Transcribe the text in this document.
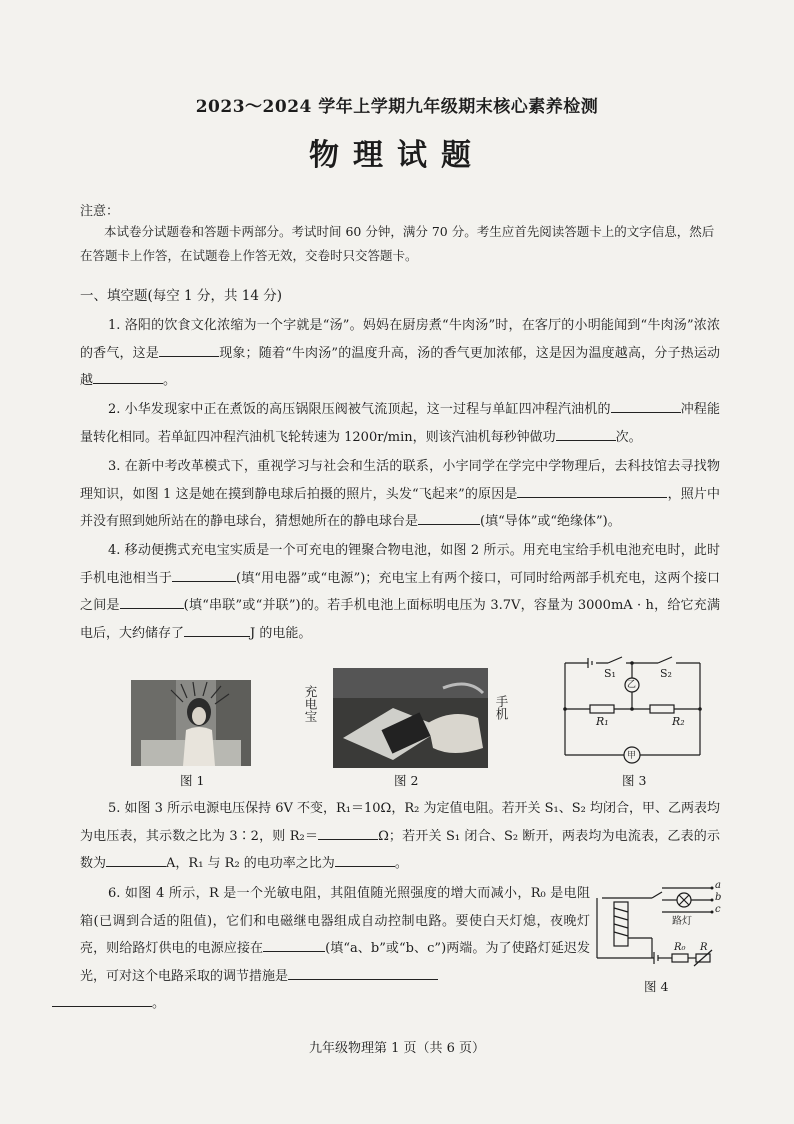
2023～2024 学年上学期九年级期末核心素养检测
物理试题
注意：
本试卷分试题卷和答题卡两部分。考试时间 60 分钟，满分 70 分。考生应首先阅读答题卡上的文字信息，然后在答题卡上作答，在试题卷上作答无效，交卷时只交答题卡。
一、填空题(每空 1 分，共 14 分)
1. 洛阳的饮食文化浓缩为一个字就是“汤”。妈妈在厨房煮“牛肉汤”时，在客厅的小明能闻到“牛肉汤”浓浓的香气，这是	现象；随着“牛肉汤”的温度升高，汤的香气更加浓郁，这是因为温度越高，分子热运动越	。
2. 小华发现家中正在煮饭的高压锅限压阀被气流顶起，这一过程与单缸四冲程汽油机的	冲程能量转化相同。若单缸四冲程汽油机飞轮转速为 1200r/min，则该汽油机每秒钟做功	次。
3. 在新中考改革模式下，重视学习与社会和生活的联系，小宇同学在学完中学物理后，去科技馆去寻找物理知识，如图 1 这是她在摸到静电球后拍摄的照片，头发“飞起来”的原因是	，照片中并没有照到她所站在的静电球台，猜想她所在的静电球台是	(填“导体”或“绝缘体”)。
4. 移动便携式充电宝实质是一个可充电的锂聚合物电池，如图 2 所示。用充电宝给手机电池充电时，此时手机电池相当于	(填“用电器”或“电源”)；充电宝上有两个接口，可同时给两部手机充电，这两个接口之间是	(填“串联”或“并联”)的。若手机电池上面标明电压为 3.7V，容量为 3000mA · h，给它充满电后，大约储存了	J 的电能。
图 1
充电宝	手机
图 2
S₁	S₂
乙
R₁	R₂
甲
图 3
5. 如图 3 所示电源电压保持 6V 不变，R₁＝10Ω，R₂ 为定值电阻。若开关 S₁、S₂ 均闭合，甲、乙两表均为电压表，其示数之比为 3∶2，则 R₂＝	Ω；若开关 S₁ 闭合、S₂ 断开，两表均为电流表，乙表的示数为	A，R₁ 与 R₂ 的电功率之比为	。
6. 如图 4 所示，R 是一个光敏电阻，其阻值随光照强度的增大而减小，R₀ 是电阻箱(已调到合适的阻值)，它们和电磁继电器组成自动控制电路。要使白天灯熄，夜晚灯亮，则给路灯供电的电源应接在	(填“a、b”或“b、c”)两端。为了使路灯延迟发光，可对这个电路采取的调节措施是
。
a
b
c
路灯
R₀ R
图 4
九年级物理第 1 页（共 6 页）
